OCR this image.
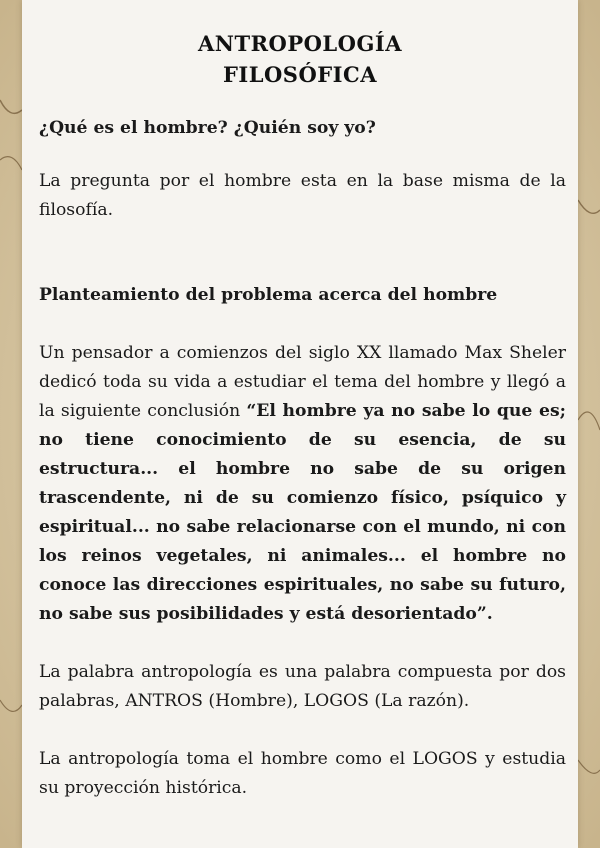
ANTROPOLOGÍA
FILOSÓFICA

¿Qué es el hombre? ¿Quién soy yo?

La pregunta por el hombre esta en la base misma de la filosofía.

Planteamiento del problema acerca del hombre

Un pensador a comienzos del siglo XX llamado Max Sheler dedicó toda su vida a estudiar el tema del hombre y llegó a la siguiente conclusión “El hombre ya no sabe lo que es; no tiene conocimiento de su esencia, de su estructura... el hombre no sabe de su origen trascendente, ni de su comienzo físico, psíquico y espiritual... no sabe relacionarse con el mundo, ni con los reinos vegetales, ni animales... el hombre no conoce las direcciones espirituales, no sabe su futuro, no sabe sus posibilidades y está desorientado”.

La palabra antropología es una palabra compuesta por dos palabras, ANTROS (Hombre), LOGOS (La razón).

La antropología toma el hombre como el LOGOS y estudia su proyección histórica.
